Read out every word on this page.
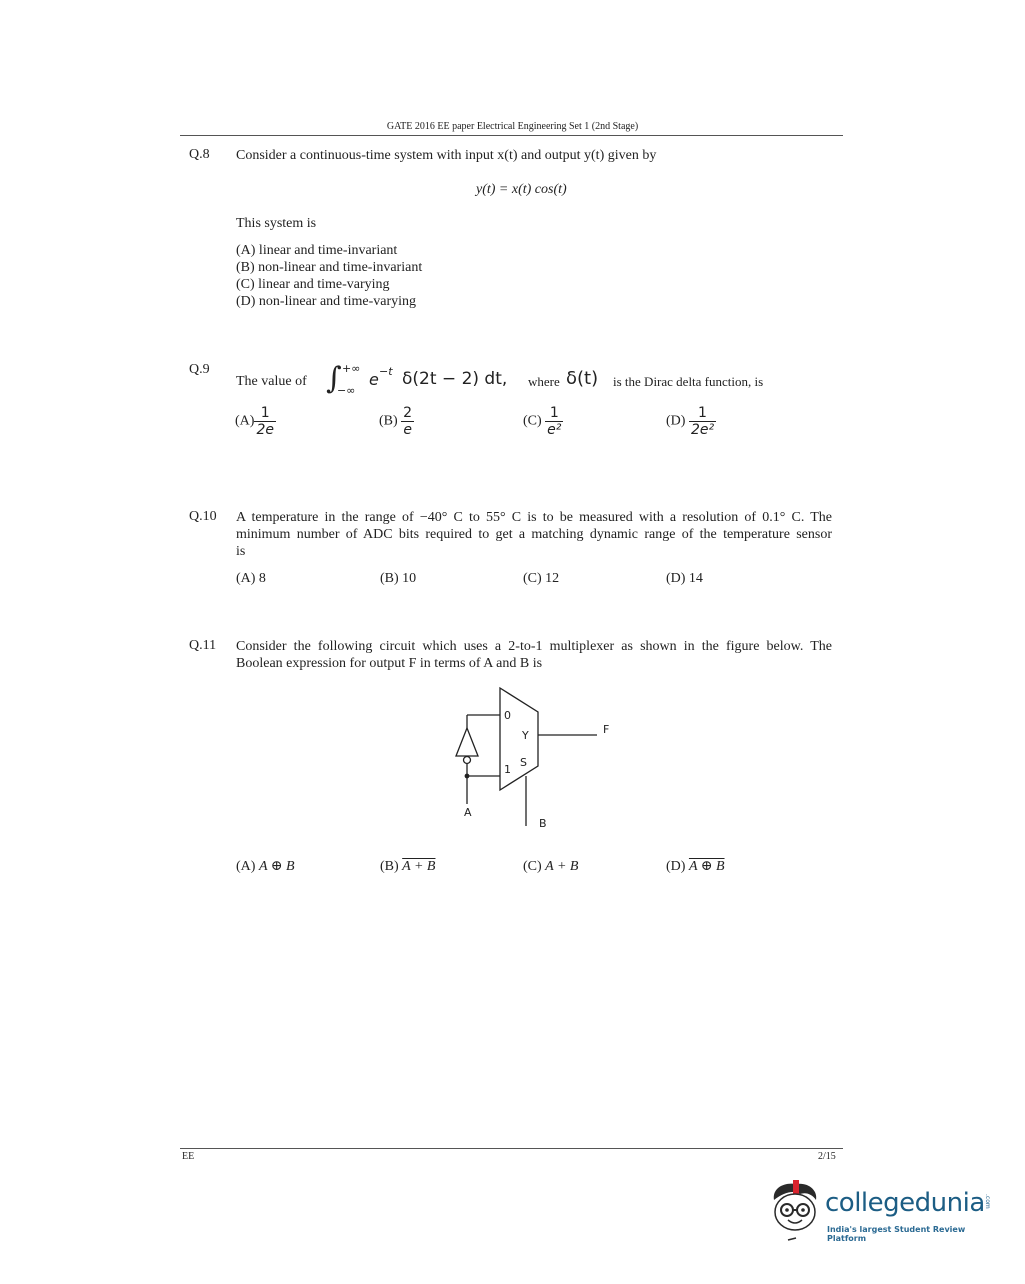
GATE 2016 EE paper Electrical Engineering Set 1 (2nd Stage)
Q.8 Consider a continuous-time system with input x(t) and output y(t) given by
y(t) = x(t) cos(t)
This system is
(A) linear and time-invariant
(B) non-linear and time-invariant
(C) linear and time-varying
(D) non-linear and time-varying
Q.9
The value of ∫ +∞
−∞
e −t δ(2t − 2) dt, where δ(t) is the Dirac delta function, is
$(A) \frac{1}{2e}$	$(B) \frac{2}{e}$	$(C) \frac{1}{\text{e²}}$	$(D) \frac{1}{\text{2e²}}$
Q.10 A temperature in the range of −40° C to 55° C is to be measured with a resolution of 0.1° C. The
minimum number of ADC bits required to get a matching dynamic range of the temperature sensor
is
(A) 8	(B) 10	(C) 12	(D) 14
Q.11 Consider the following circuit which uses a 2-to-1 multiplexer as shown in the figure below. The
Boolean expression for output F in terms of A and B is
0
Y
S
1
F
A
B
(A) A ⊕ B	(B) A + B	(C) A + B	(D) A ⊕ B
EE	2/15
collegedunia .com
India's largest Student Review Platform
